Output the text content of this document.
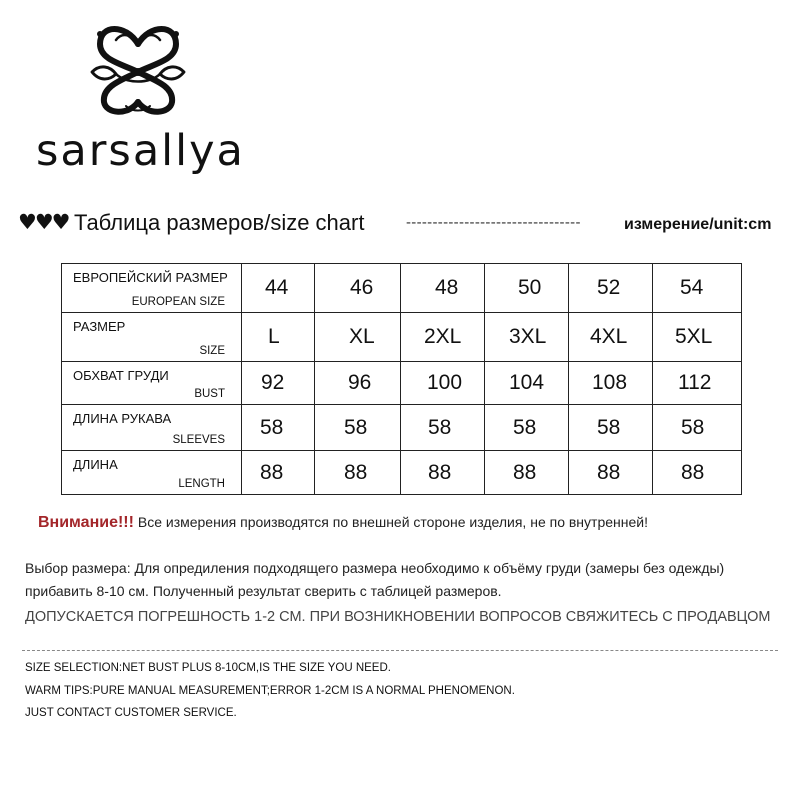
sarsallya
♥♥♥ Таблица размеров/size chart	---------------------------------	измерение/unit:cm
ЕВРОПЕЙСКИЙ РАЗМЕР
EUROPEAN SIZE	44	46	48	50	52	54

РАЗМЕР
SIZE	L	XL	2XL	3XL	4XL	5XL

ОБХВАТ ГРУДИ
BUST	92	96	100	104	108	112

ДЛИНА РУКАВА
SLEEVES	58	58	58	58	58	58

ДЛИНА
LENGTH	88	88	88	88	88	88
Внимание!!! Все измерения производятся по внешней стороне изделия, не по внутренней!
Выбор размера: Для опредиления подходящего размера необходимо к объёму груди (замеры без одежды) прибавить 8-10 см. Полученный результат сверить с таблицей размеров.
ДОПУСКАЕТСЯ ПОГРЕШНОСТЬ 1-2 СМ. ПРИ ВОЗНИКНОВЕНИИ ВОПРОСОВ СВЯЖИТЕСЬ С ПРОДАВЦОМ
SIZE SELECTION:NET BUST PLUS 8-10CM,IS THE SIZE YOU NEED.
WARM TIPS:PURE MANUAL MEASUREMENT;ERROR 1-2CM IS A NORMAL PHENOMENON.
JUST CONTACT CUSTOMER SERVICE.
